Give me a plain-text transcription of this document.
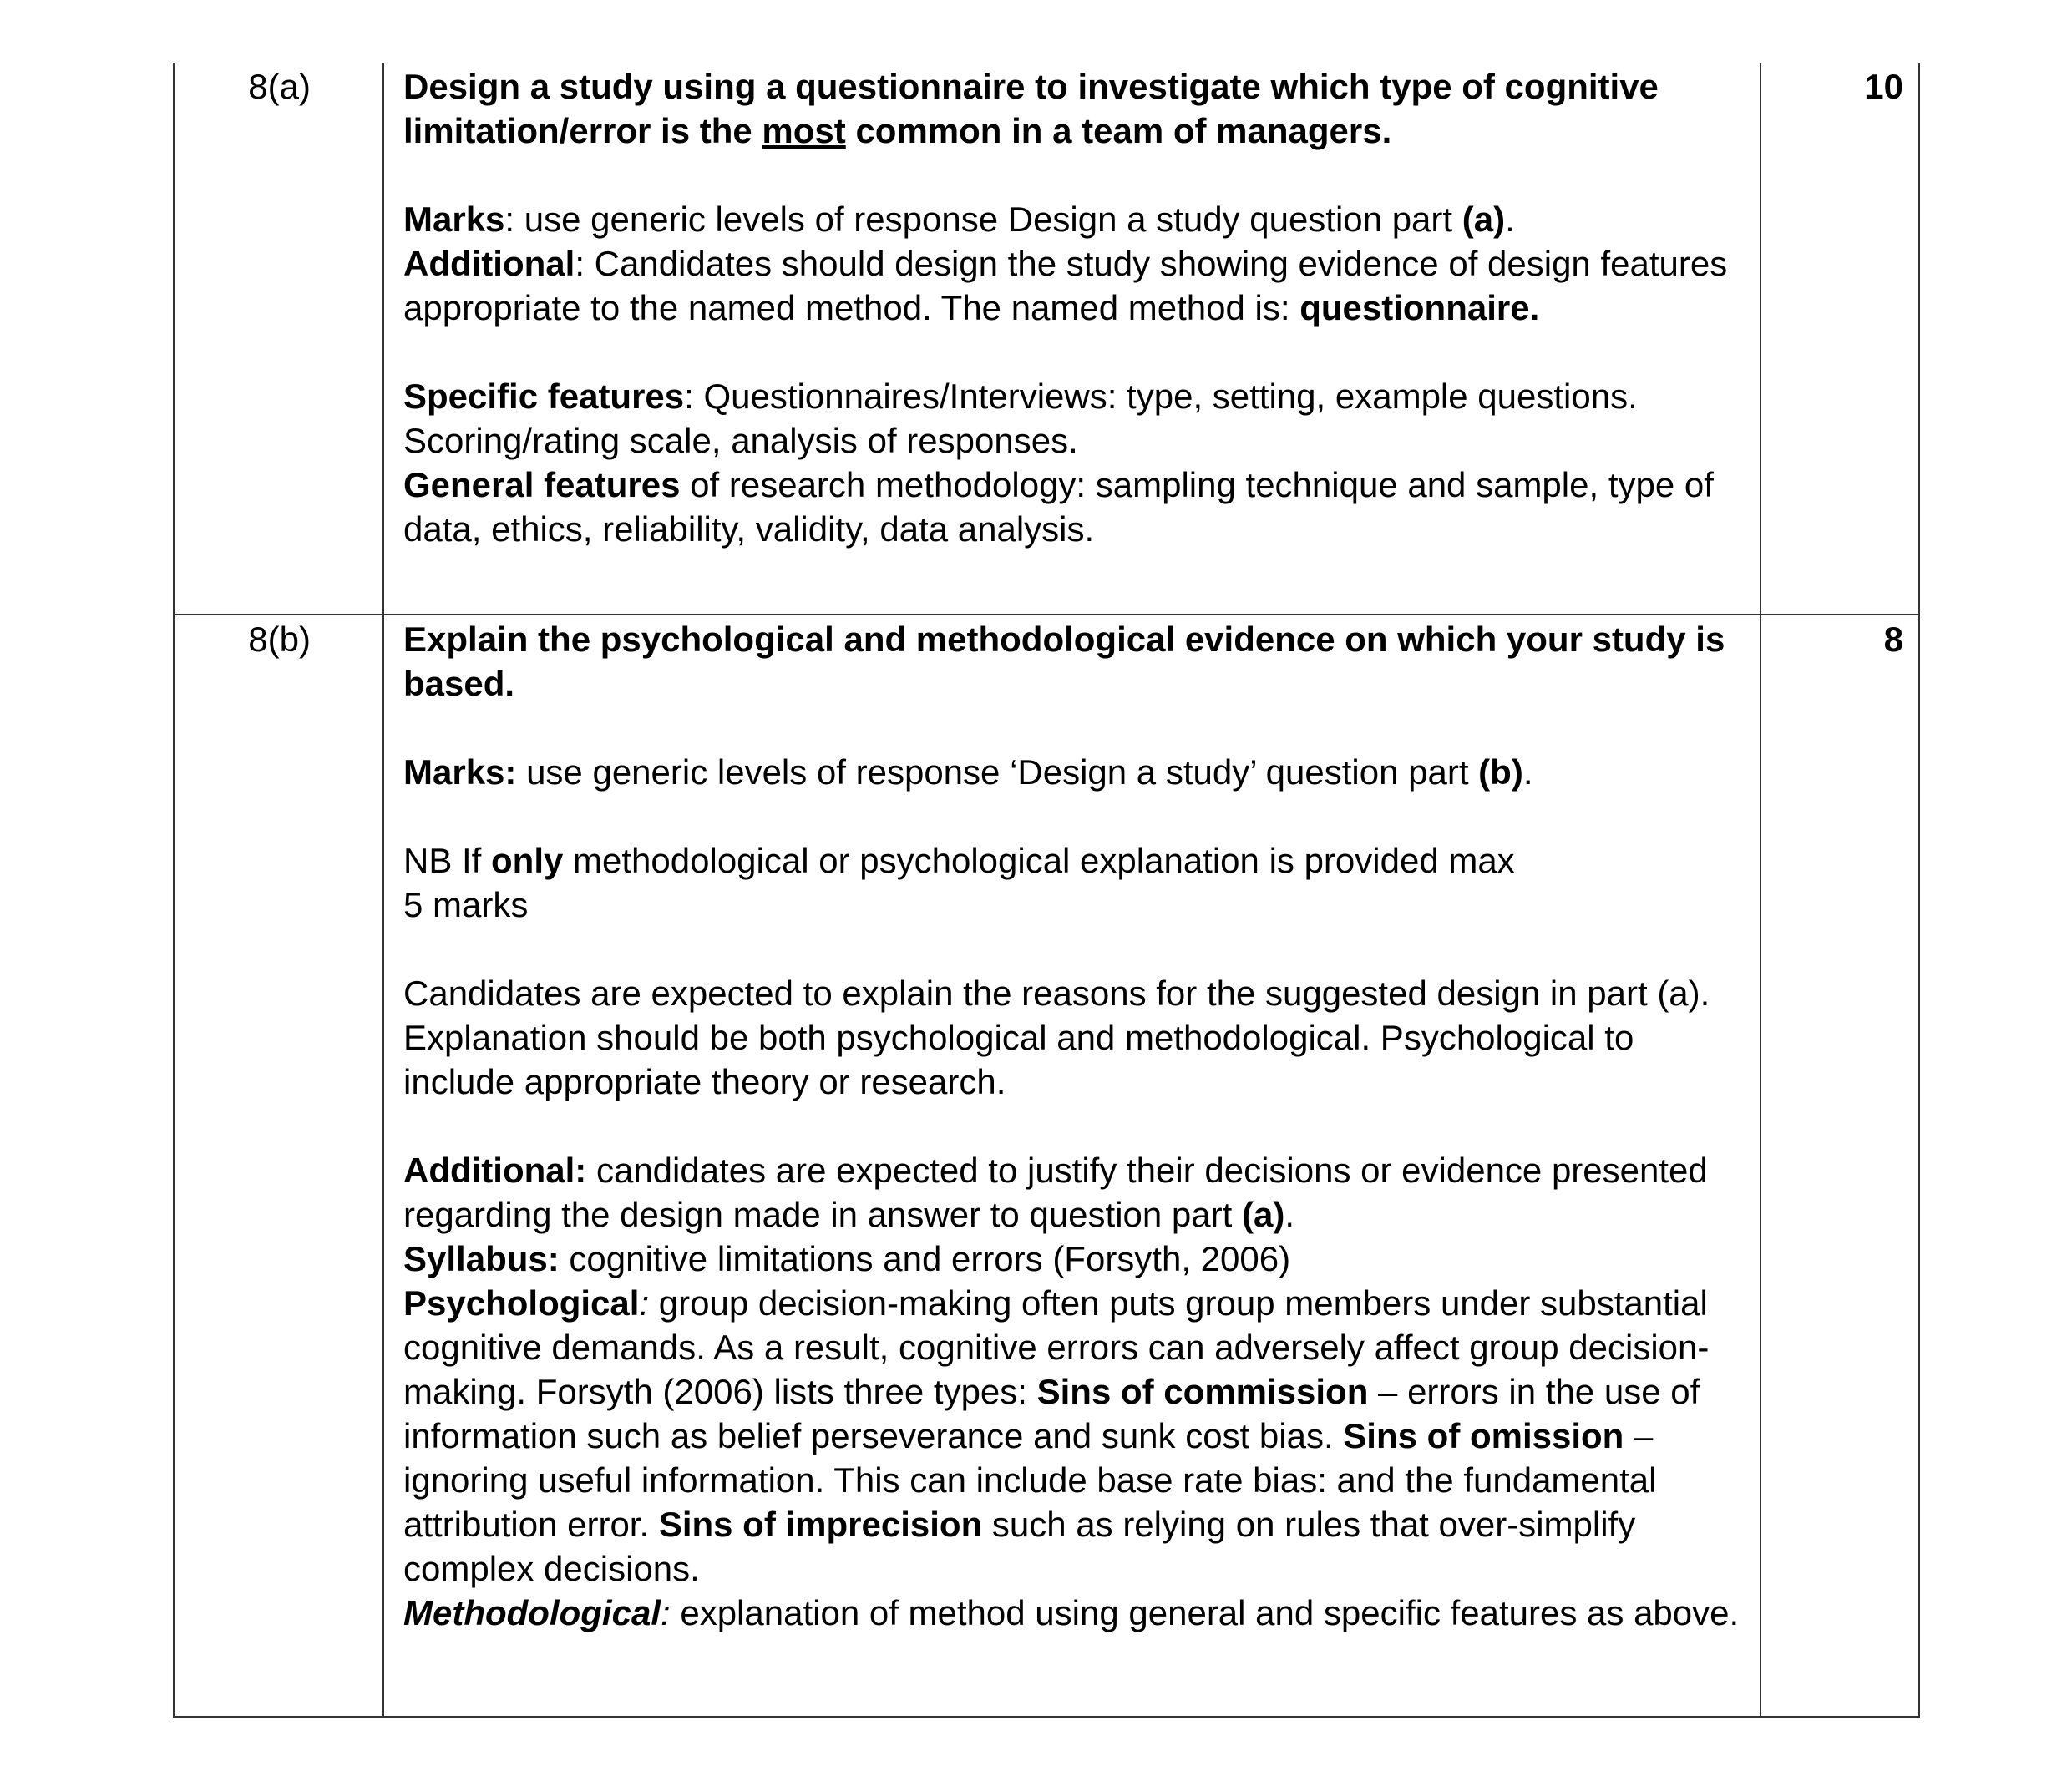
8(a)	Design a study using a questionnaire to investigate which type of cognitive limitation/error is the most common in a team of managers.

Marks: use generic levels of response Design a study question part (a).
Additional: Candidates should design the study showing evidence of design features appropriate to the named method. The named method is: questionnaire.

Specific features: Questionnaires/Interviews: type, setting, example questions. Scoring/rating scale, analysis of responses.
General features of research methodology: sampling technique and sample, type of data, ethics, reliability, validity, data analysis.

10
8(b)	Explain the psychological and methodological evidence on which your study is based.

Marks: use generic levels of response ‘Design a study’ question part (b).

NB If only methodological or psychological explanation is provided max
5 marks

Candidates are expected to explain the reasons for the suggested design in part (a). Explanation should be both psychological and methodological. Psychological to include appropriate theory or research.

Additional: candidates are expected to justify their decisions or evidence presented regarding the design made in answer to question part (a).
Syllabus: cognitive limitations and errors (Forsyth, 2006)
Psychological: group decision-making often puts group members under substantial cognitive demands. As a result, cognitive errors can adversely affect group decision-making. Forsyth (2006) lists three types: Sins of commission – errors in the use of information such as belief perseverance and sunk cost bias. Sins of omission – ignoring useful information. This can include base rate bias: and the fundamental attribution error. Sins of imprecision such as relying on rules that over-simplify complex decisions.
Methodological: explanation of method using general and specific features as above.

8
